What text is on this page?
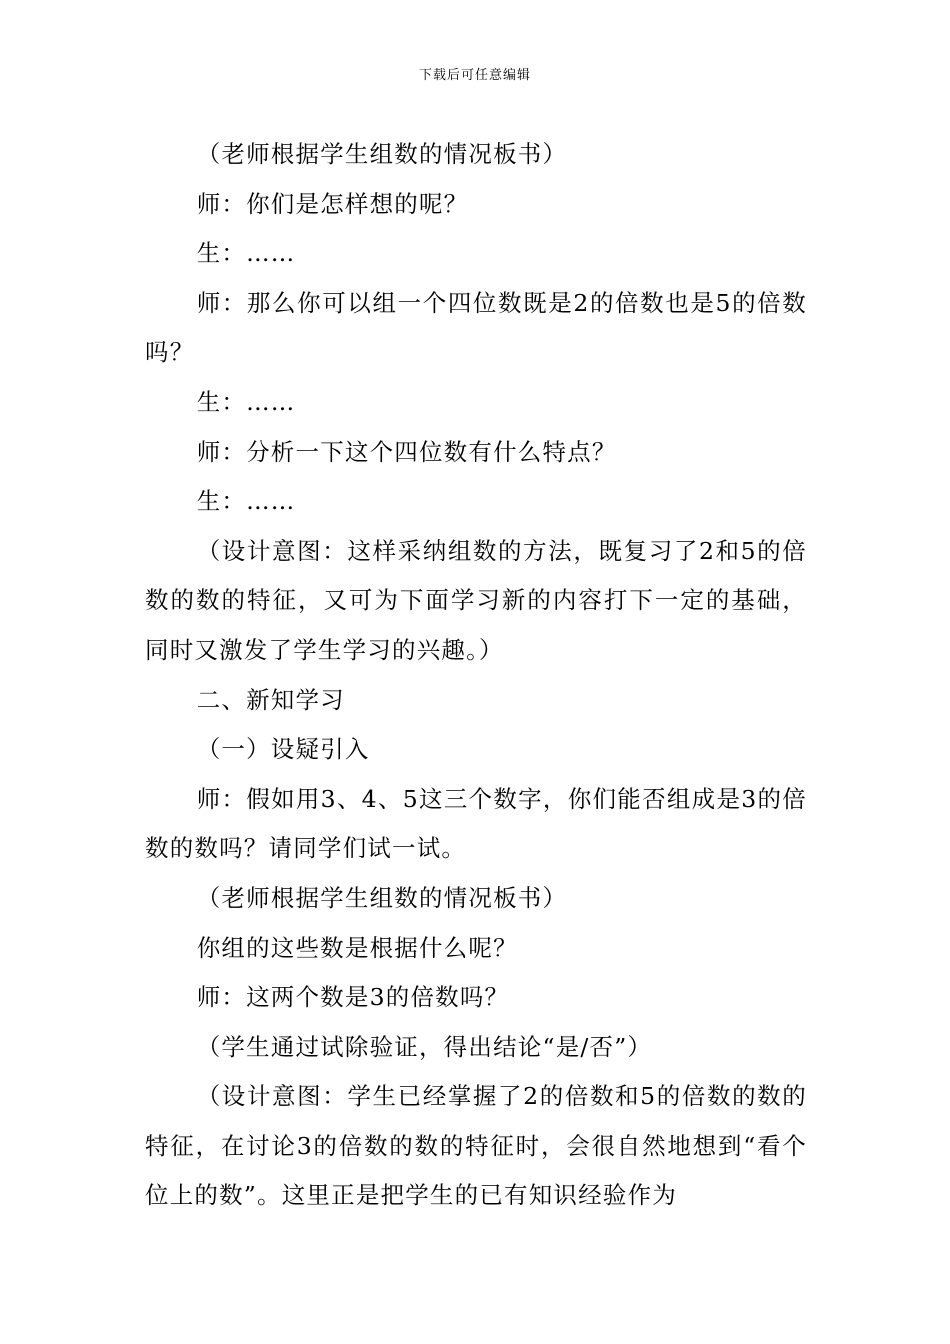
下载后可任意编辑

（老师根据学生组数的情况板书）

师：你们是怎样想的呢？

生：……

师：那么你可以组一个四位数既是2的倍数也是5的倍数吗？

生：……

师：分析一下这个四位数有什么特点？

生：……

（设计意图：这样采纳组数的方法，既复习了2和5的倍数的数的特征，又可为下面学习新的内容打下一定的基础，同时又激发了学生学习的兴趣。）

二、新知学习

（一）设疑引入

师：假如用3、4、5这三个数字，你们能否组成是3的倍数的数吗？请同学们试一试。

（老师根据学生组数的情况板书）

你组的这些数是根据什么呢？

师：这两个数是3的倍数吗？

（学生通过试除验证，得出结论“是/否”）

（设计意图：学生已经掌握了2的倍数和5的倍数的数的特征，在讨论3的倍数的数的特征时，会很自然地想到“看个位上的数”。这里正是把学生的已有知识经验作为
